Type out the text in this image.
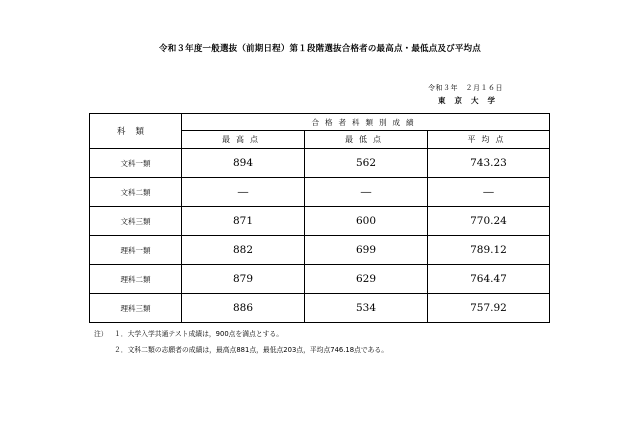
令和３年度一般選抜（前期日程）第１段階選抜合格者の最高点・最低点及び平均点
令和３年　２月１６日
東京大学
科類	合格者科類別成績		
	最高点	最低点	平均点
文科一類	894	562	743.23
文科二類	―	―	―
文科三類	871	600	770.24
理科一類	882	699	789.12
理科二類	879	629	764.47
理科三類	886	534	757.92
注） １．大学入学共通テスト成績は，900点を満点とする。
２．文科二類の志願者の成績は，最高点881点，最低点203点，平均点746.18点である。
